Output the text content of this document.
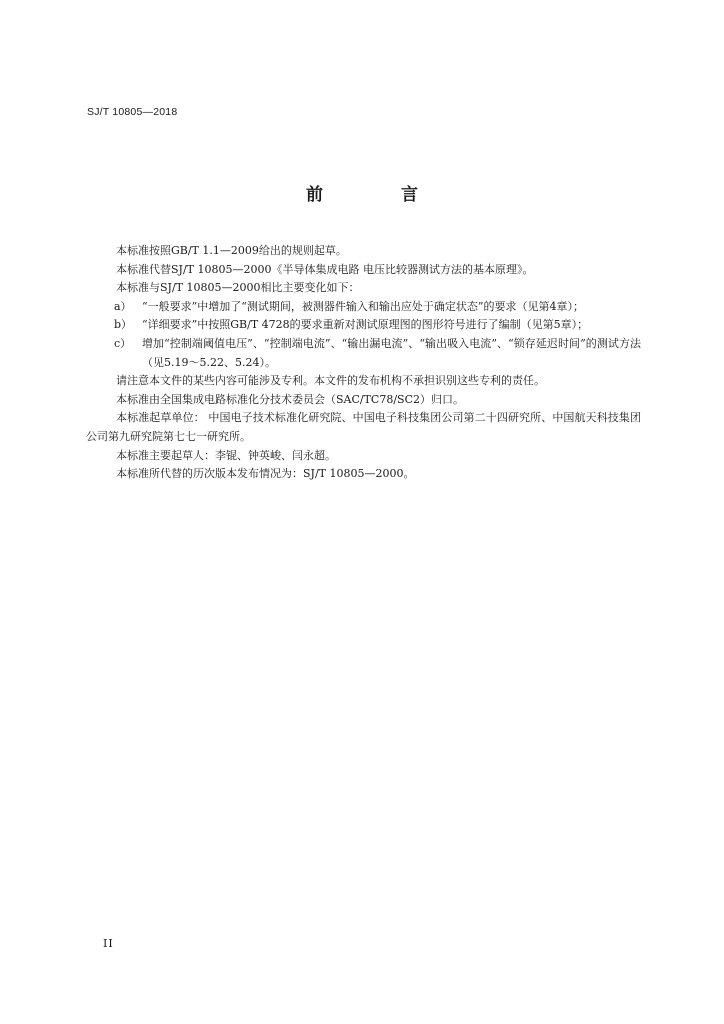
SJ/T 10805—2018
前 言

本标准按照GB/T 1.1—2009给出的规则起草。

本标准代替SJ/T 10805—2000《半导体集成电路 电压比较器测试方法的基本原理》。

本标准与SJ/T 10805—2000相比主要变化如下：

a） “一般要求”中增加了“测试期间，被测器件输入和输出应处于确定状态”的要求（见第4章）；
b） “详细要求”中按照GB/T 4728的要求重新对测试原理图的图形符号进行了编制（见第5章）；
c） 增加“控制端阈值电压”、“控制端电流”、“输出漏电流”、“输出吸入电流”、“锁存延迟时间”的测试方法（见5.19～5.22、5.24）。

请注意本文件的某些内容可能涉及专利。本文件的发布机构不承担识别这些专利的责任。

本标准由全国集成电路标准化分技术委员会（SAC/TC78/SC2）归口。

本标准起草单位： 中国电子技术标准化研究院、中国电子科技集团公司第二十四研究所、中国航天科技集团公司第九研究院第七七一研究所。

本标准主要起草人：李锟、钟英峻、闫永超。

本标准所代替的历次版本发布情况为：SJ/T 10805—2000。

II
